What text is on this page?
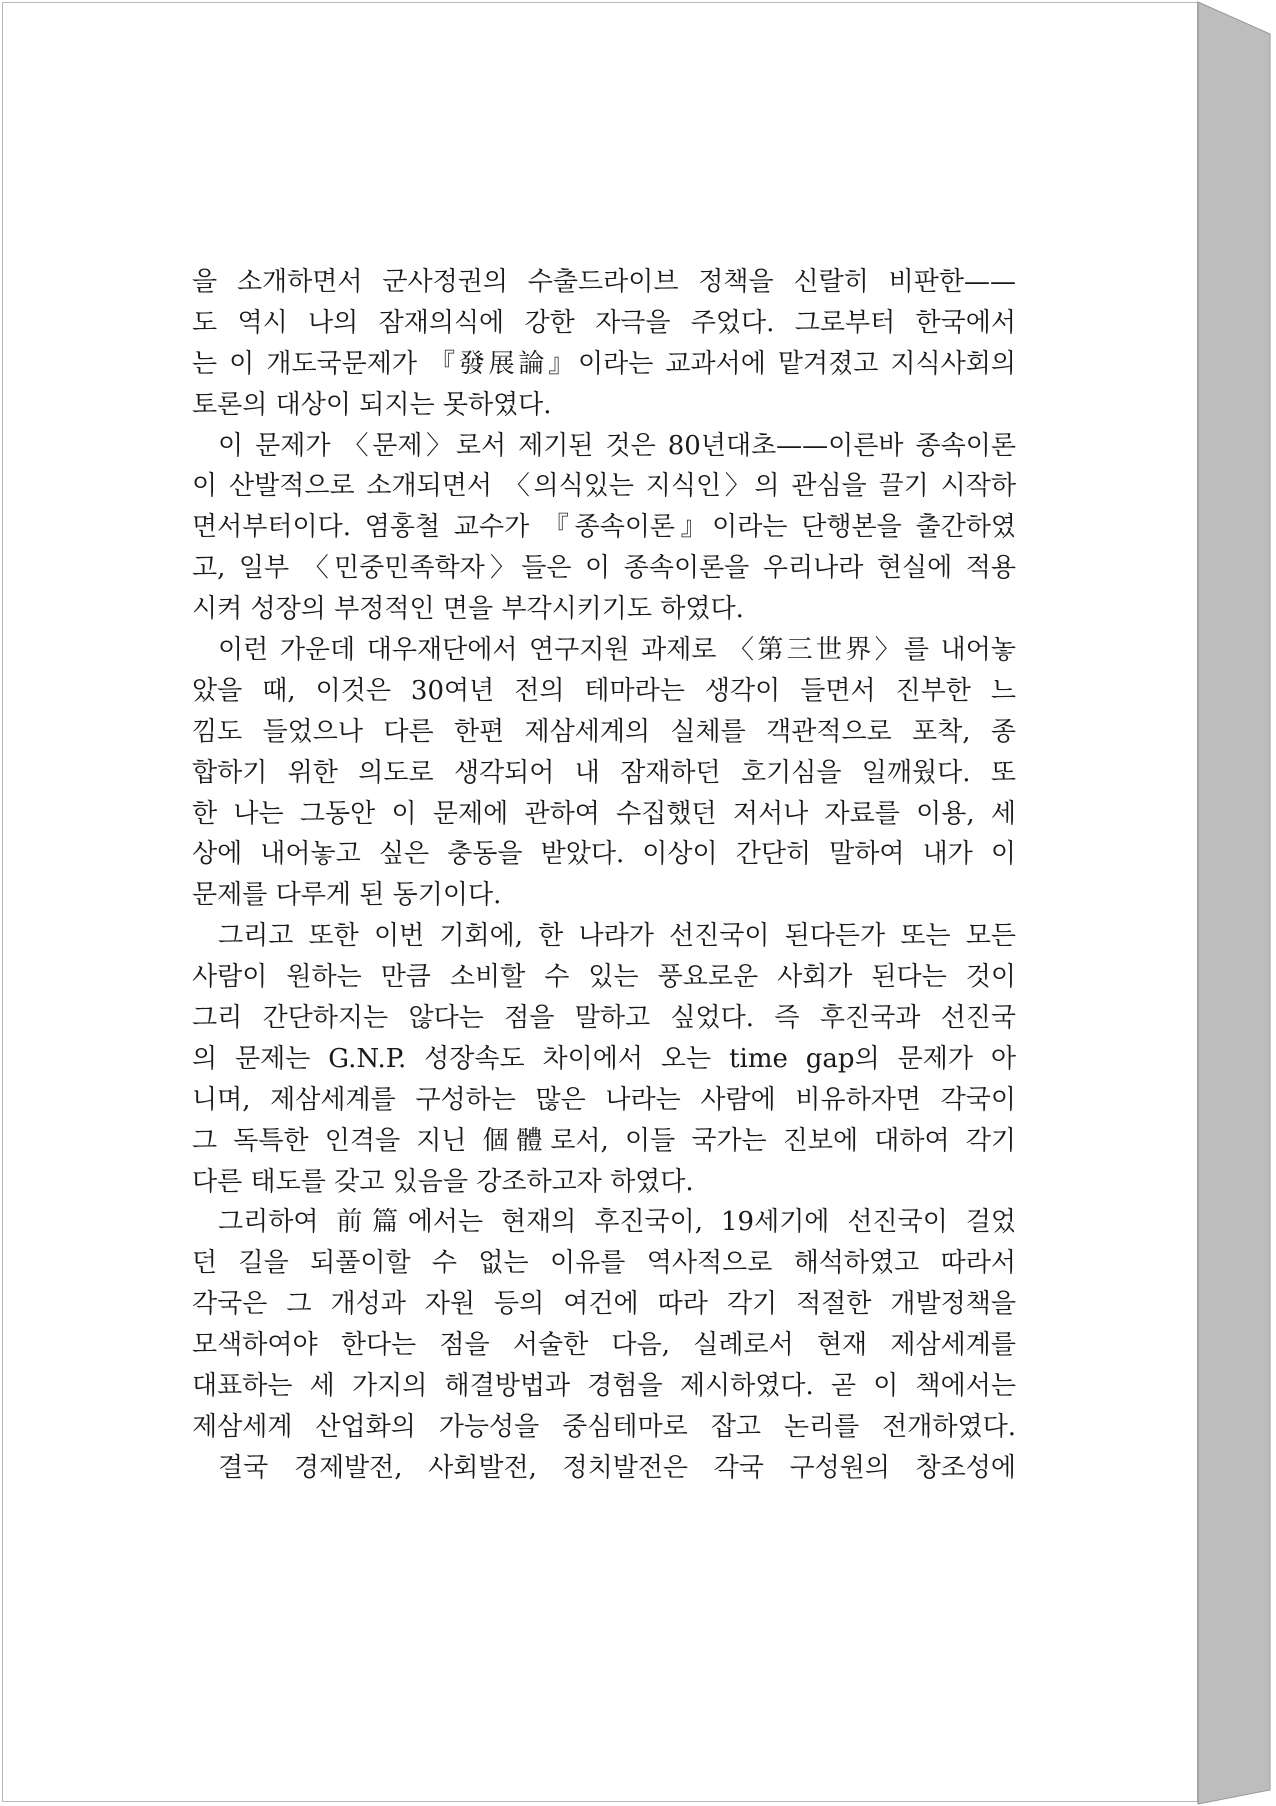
을 소개하면서 군사정권의 수출드라이브 정책을 신랄히 비판한——
도 역시 나의 잠재의식에 강한 자극을 주었다. 그로부터 한국에서
는 이 개도국문제가 『發展論』이라는 교과서에 맡겨졌고 지식사회의
토론의 대상이 되지는 못하였다.
이 문제가 〈문제〉로서 제기된 것은 80년대초——이른바 종속이론
이 산발적으로 소개되면서 〈의식있는 지식인〉의 관심을 끌기 시작하
면서부터이다. 염홍철 교수가 『종속이론』이라는 단행본을 출간하였
고, 일부 〈민중민족학자〉들은 이 종속이론을 우리나라 현실에 적용
시켜 성장의 부정적인 면을 부각시키기도 하였다.
이런 가운데 대우재단에서 연구지원 과제로 〈第三世界〉를 내어놓
았을 때, 이것은 30여년 전의 테마라는 생각이 들면서 진부한 느
낌도 들었으나 다른 한편 제삼세계의 실체를 객관적으로 포착, 종
합하기 위한 의도로 생각되어 내 잠재하던 호기심을 일깨웠다. 또
한 나는 그동안 이 문제에 관하여 수집했던 저서나 자료를 이용, 세
상에 내어놓고 싶은 충동을 받았다. 이상이 간단히 말하여 내가 이
문제를 다루게 된 동기이다.
그리고 또한 이번 기회에, 한 나라가 선진국이 된다든가 또는 모든
사람이 원하는 만큼 소비할 수 있는 풍요로운 사회가 된다는 것이
그리 간단하지는 않다는 점을 말하고 싶었다. 즉 후진국과 선진국
의 문제는 G.N.P. 성장속도 차이에서 오는 time gap의 문제가 아
니며, 제삼세계를 구성하는 많은 나라는 사람에 비유하자면 각국이
그 독특한 인격을 지닌 個體로서, 이들 국가는 진보에 대하여 각기
다른 태도를 갖고 있음을 강조하고자 하였다.
그리하여 前篇에서는 현재의 후진국이, 19세기에 선진국이 걸었
던 길을 되풀이할 수 없는 이유를 역사적으로 해석하였고 따라서
각국은 그 개성과 자원 등의 여건에 따라 각기 적절한 개발정책을
모색하여야 한다는 점을 서술한 다음, 실례로서 현재 제삼세계를
대표하는 세 가지의 해결방법과 경험을 제시하였다. 곧 이 책에서는
제삼세계 산업화의 가능성을 중심테마로 잡고 논리를 전개하였다.
결국 경제발전, 사회발전, 정치발전은 각국 구성원의 창조성에
